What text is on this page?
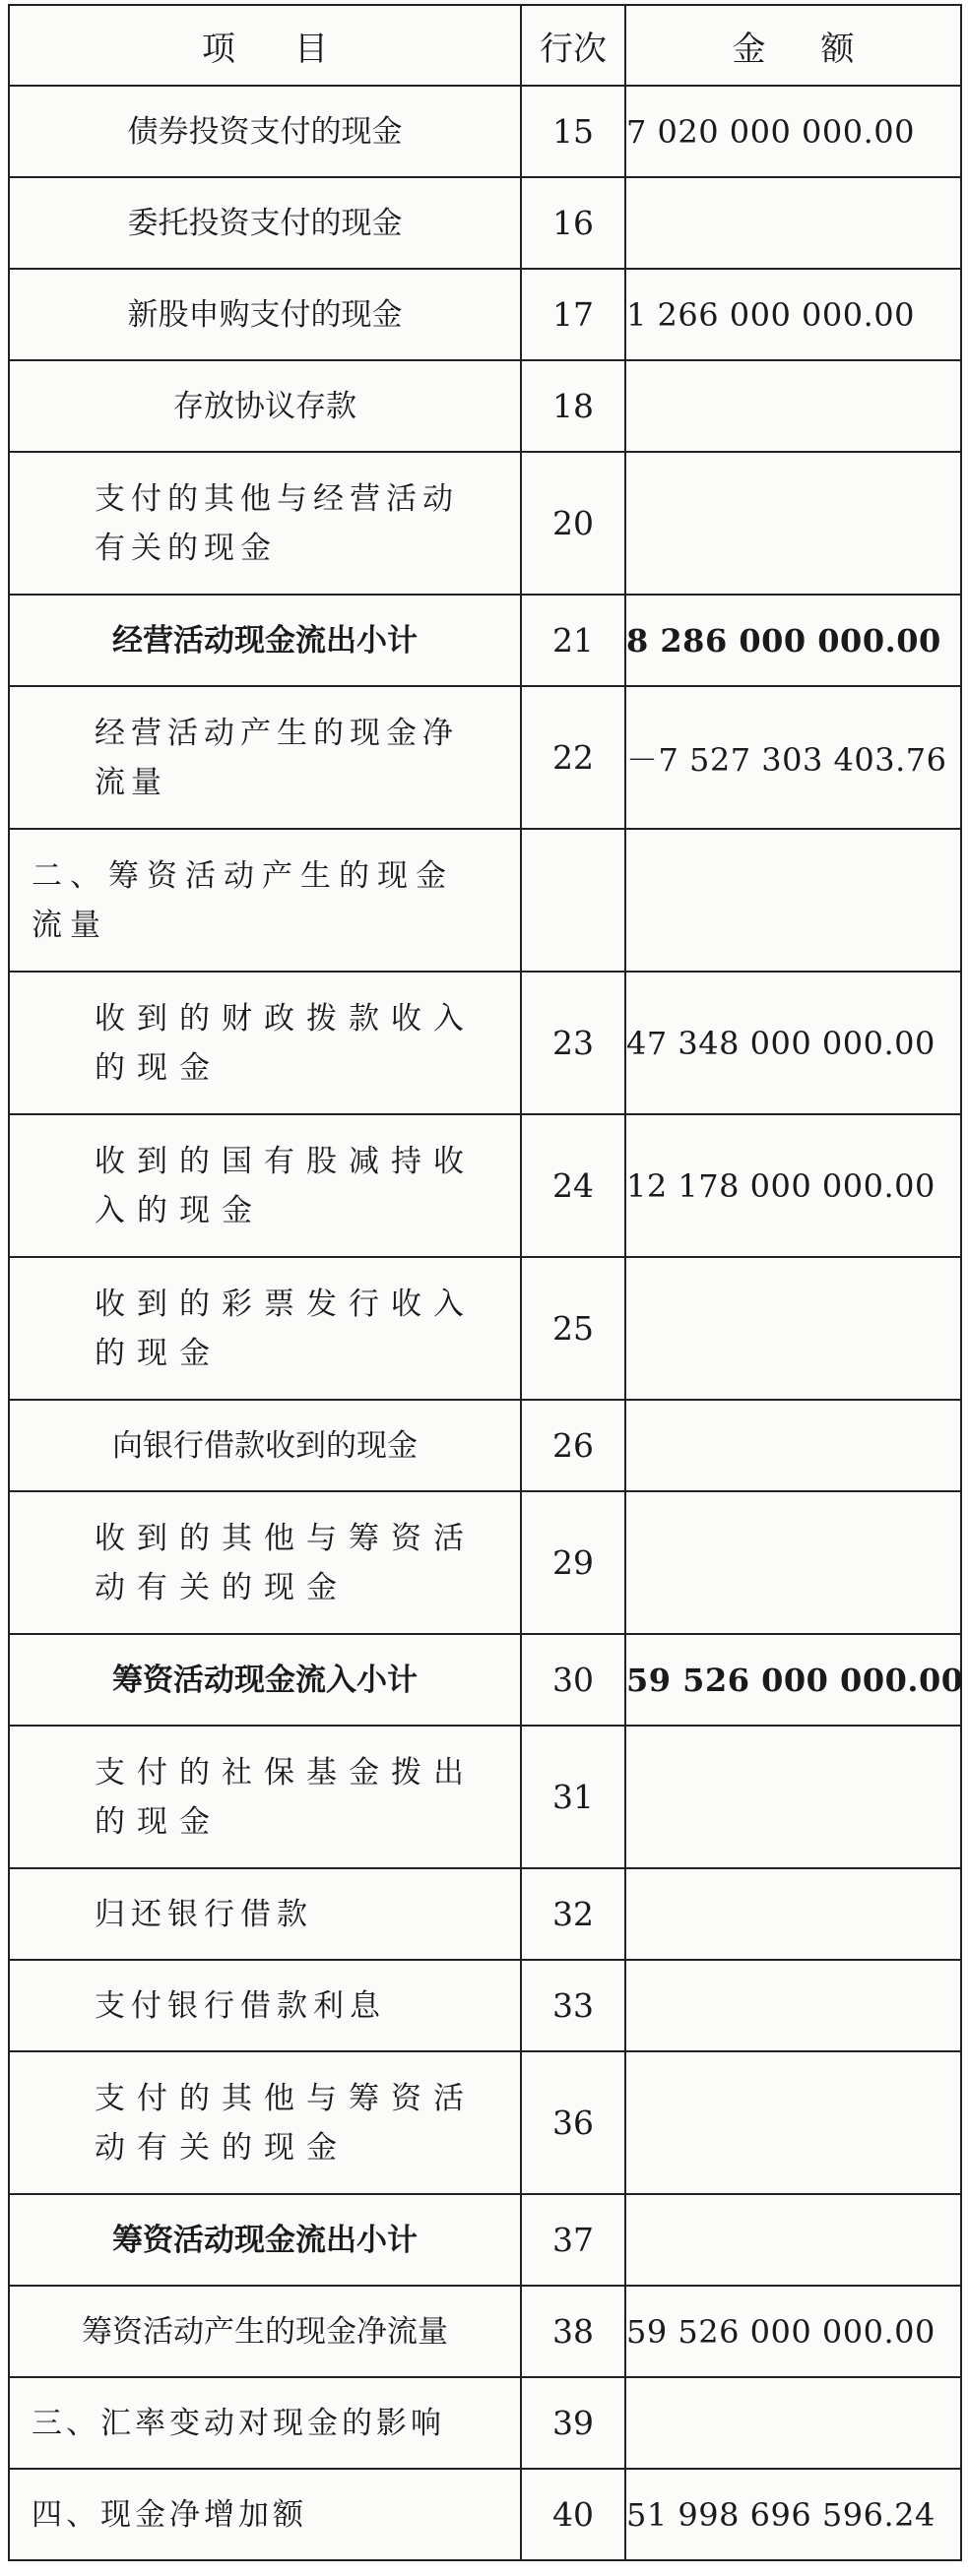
项目	行次	金额
债券投资支付的现金	15	7 020 000 000.00
委托投资支付的现金	16	
新股申购支付的现金	17	1 266 000 000.00
存放协议存款	18	
支付的其他与经营活动有关的现金	20	
经营活动现金流出小计	21	8 286 000 000.00
经营活动产生的现金净流量	22	－7 527 303 403.76
二、筹资活动产生的现金流量		
收到的财政拨款收入的现金	23	47 348 000 000.00
收到的国有股减持收入的现金	24	12 178 000 000.00
收到的彩票发行收入的现金	25	
向银行借款收到的现金	26	
收到的其他与筹资活动有关的现金	29	
筹资活动现金流入小计	30	59 526 000 000.00
支付的社保基金拨出的现金	31	
归还银行借款	32	
支付银行借款利息	33	
支付的其他与筹资活动有关的现金	36	
筹资活动现金流出小计	37	
筹资活动产生的现金净流量	38	59 526 000 000.00
三、汇率变动对现金的影响	39	
四、现金净增加额	40	51 998 696 596.24
